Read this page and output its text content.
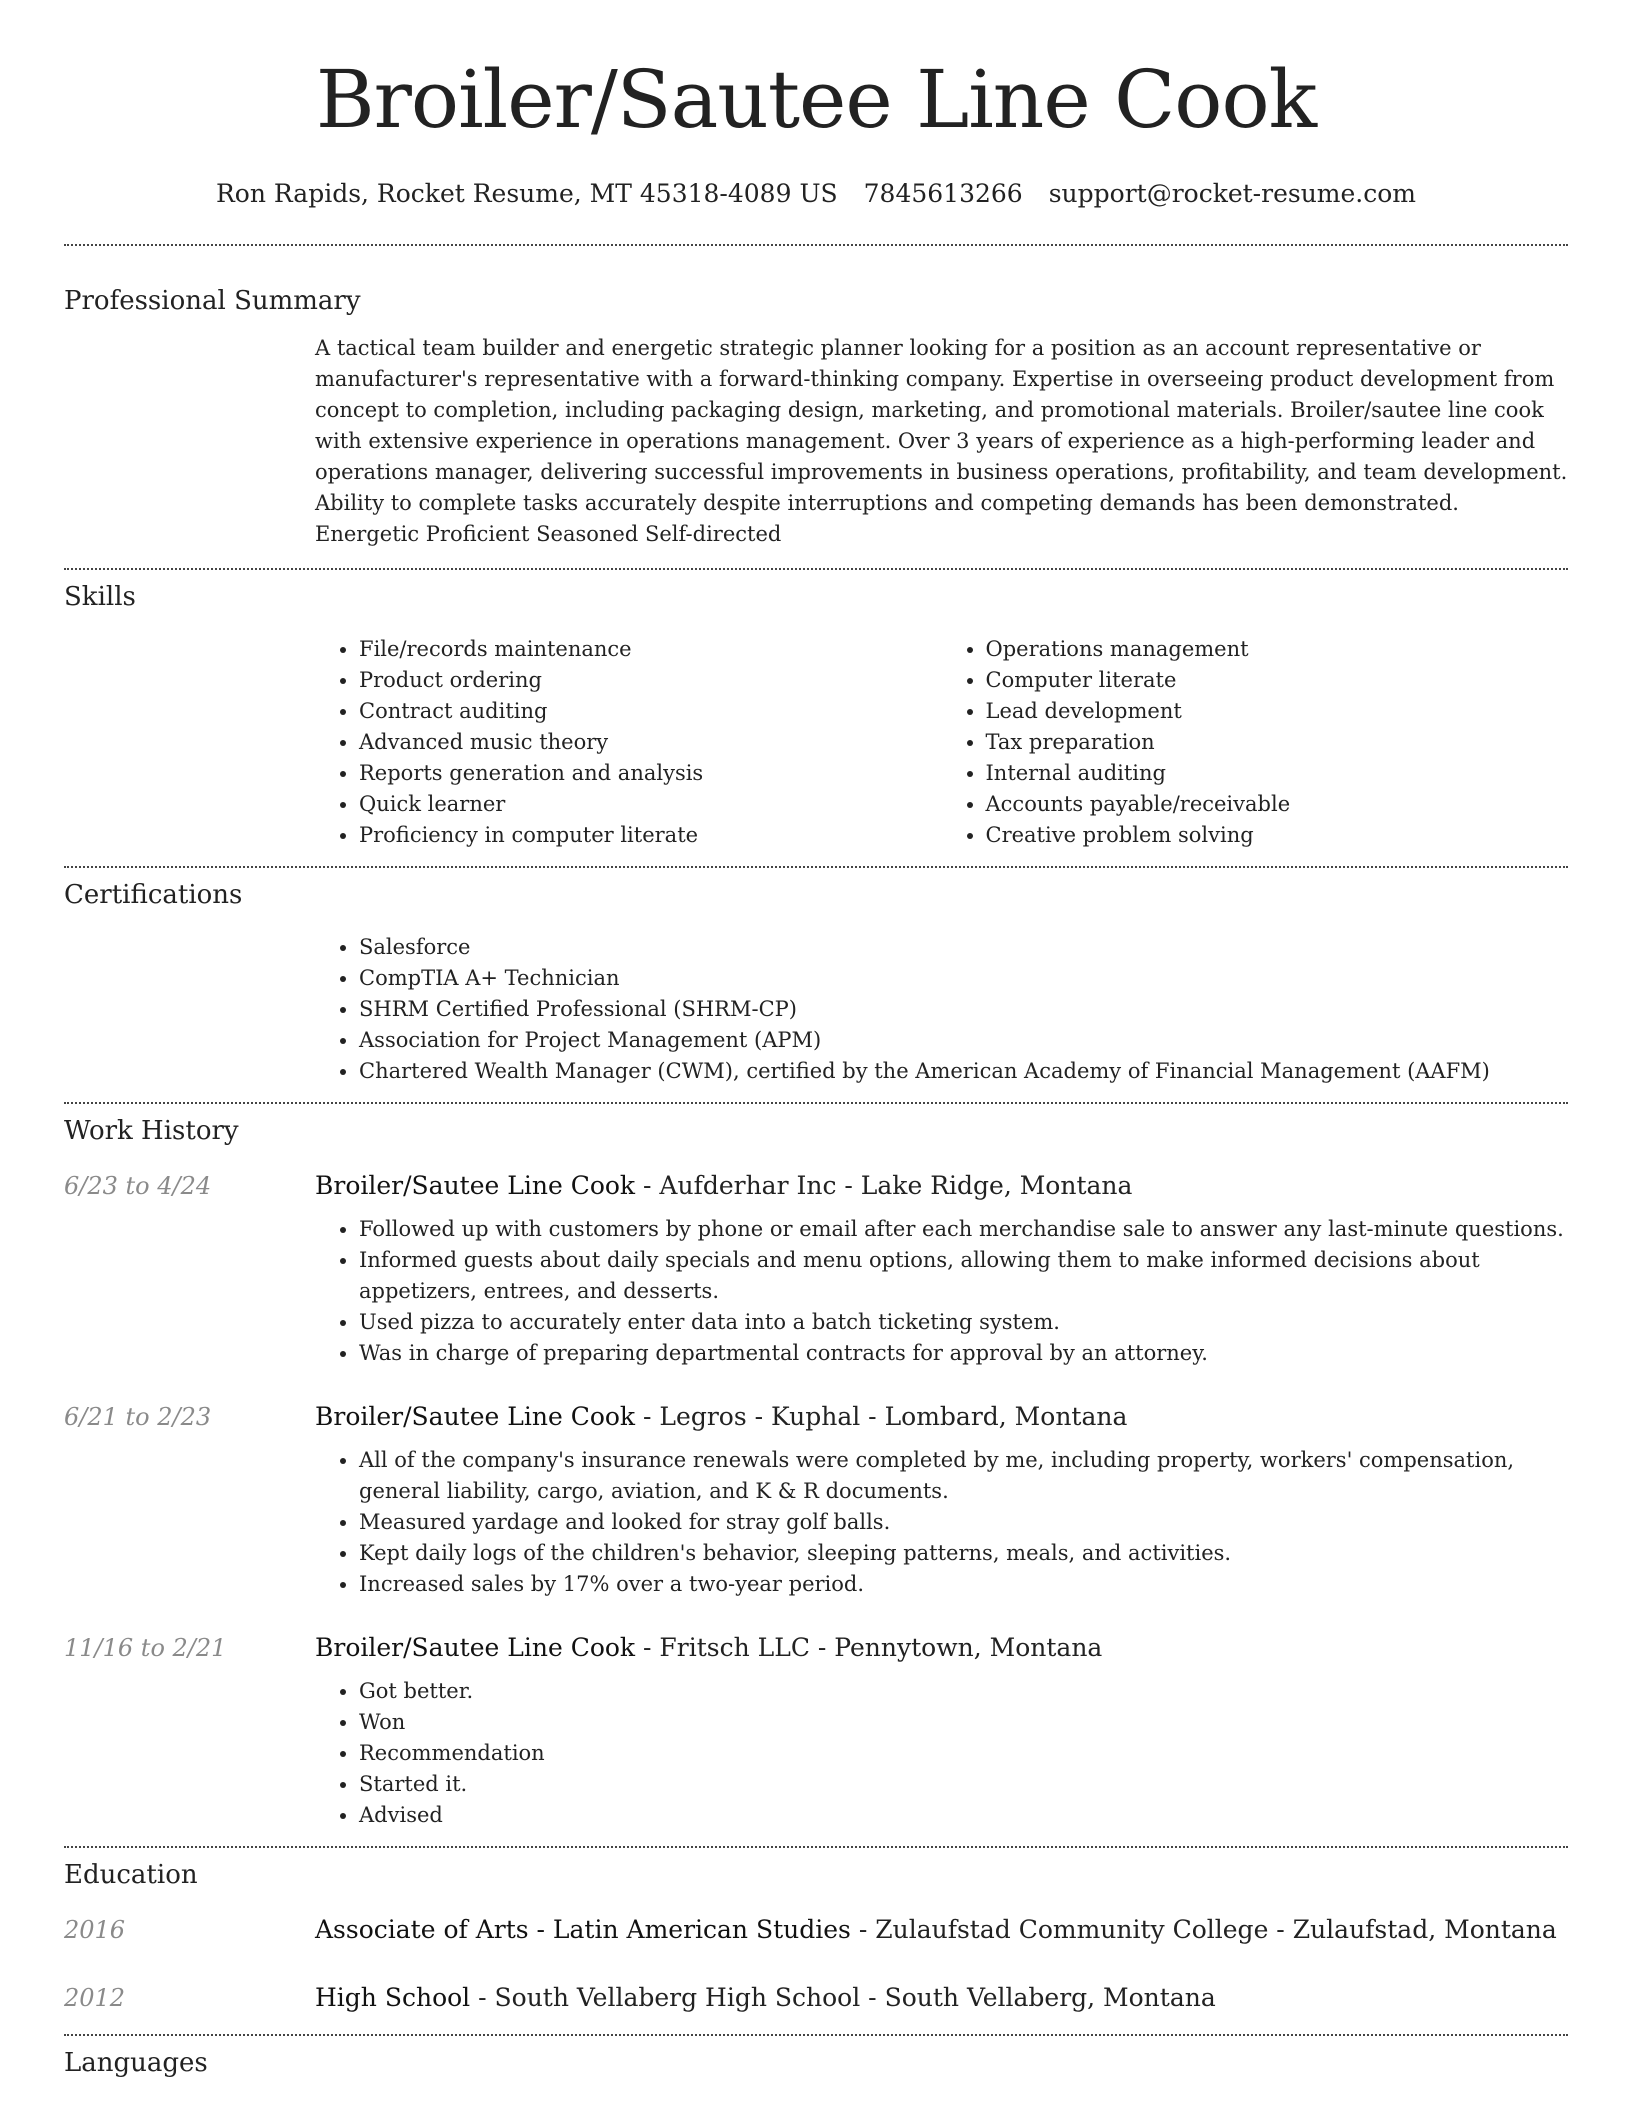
Broiler/Sautee Line Cook
Ron Rapids, Rocket Resume, MT 45318-4089 US 7845613266 support@rocket-resume.com
Professional Summary
A tactical team builder and energetic strategic planner looking for a position as an account representative or manufacturer's representative with a forward-thinking company. Expertise in overseeing product development from concept to completion, including packaging design, marketing, and promotional materials. Broiler/sautee line cook with extensive experience in operations management. Over 3 years of experience as a high-performing leader and operations manager, delivering successful improvements in business operations, profitability, and team development. Ability to complete tasks accurately despite interruptions and competing demands has been demonstrated. Energetic Proficient Seasoned Self-directed
Skills
• File/records maintenance
• Product ordering
• Contract auditing
• Advanced music theory
• Reports generation and analysis
• Quick learner
• Proficiency in computer literate
• Operations management
• Computer literate
• Lead development
• Tax preparation
• Internal auditing
• Accounts payable/receivable
• Creative problem solving
Certifications
• Salesforce
• CompTIA A+ Technician
• SHRM Certified Professional (SHRM-CP)
• Association for Project Management (APM)
• Chartered Wealth Manager (CWM), certified by the American Academy of Financial Management (AAFM)
Work History
6/23 to 4/24	Broiler/Sautee Line Cook - Aufderhar Inc - Lake Ridge, Montana
• Followed up with customers by phone or email after each merchandise sale to answer any last-minute questions.
• Informed guests about daily specials and menu options, allowing them to make informed decisions about appetizers, entrees, and desserts.
• Used pizza to accurately enter data into a batch ticketing system.
• Was in charge of preparing departmental contracts for approval by an attorney.
6/21 to 2/23	Broiler/Sautee Line Cook - Legros - Kuphal - Lombard, Montana
• All of the company's insurance renewals were completed by me, including property, workers' compensation, general liability, cargo, aviation, and K & R documents.
• Measured yardage and looked for stray golf balls.
• Kept daily logs of the children's behavior, sleeping patterns, meals, and activities.
• Increased sales by 17% over a two-year period.
11/16 to 2/21	Broiler/Sautee Line Cook - Fritsch LLC - Pennytown, Montana
• Got better.
• Won
• Recommendation
• Started it.
• Advised
Education
2016	Associate of Arts - Latin American Studies - Zulaufstad Community College - Zulaufstad, Montana
2012	High School - South Vellaberg High School - South Vellaberg, Montana
Languages
